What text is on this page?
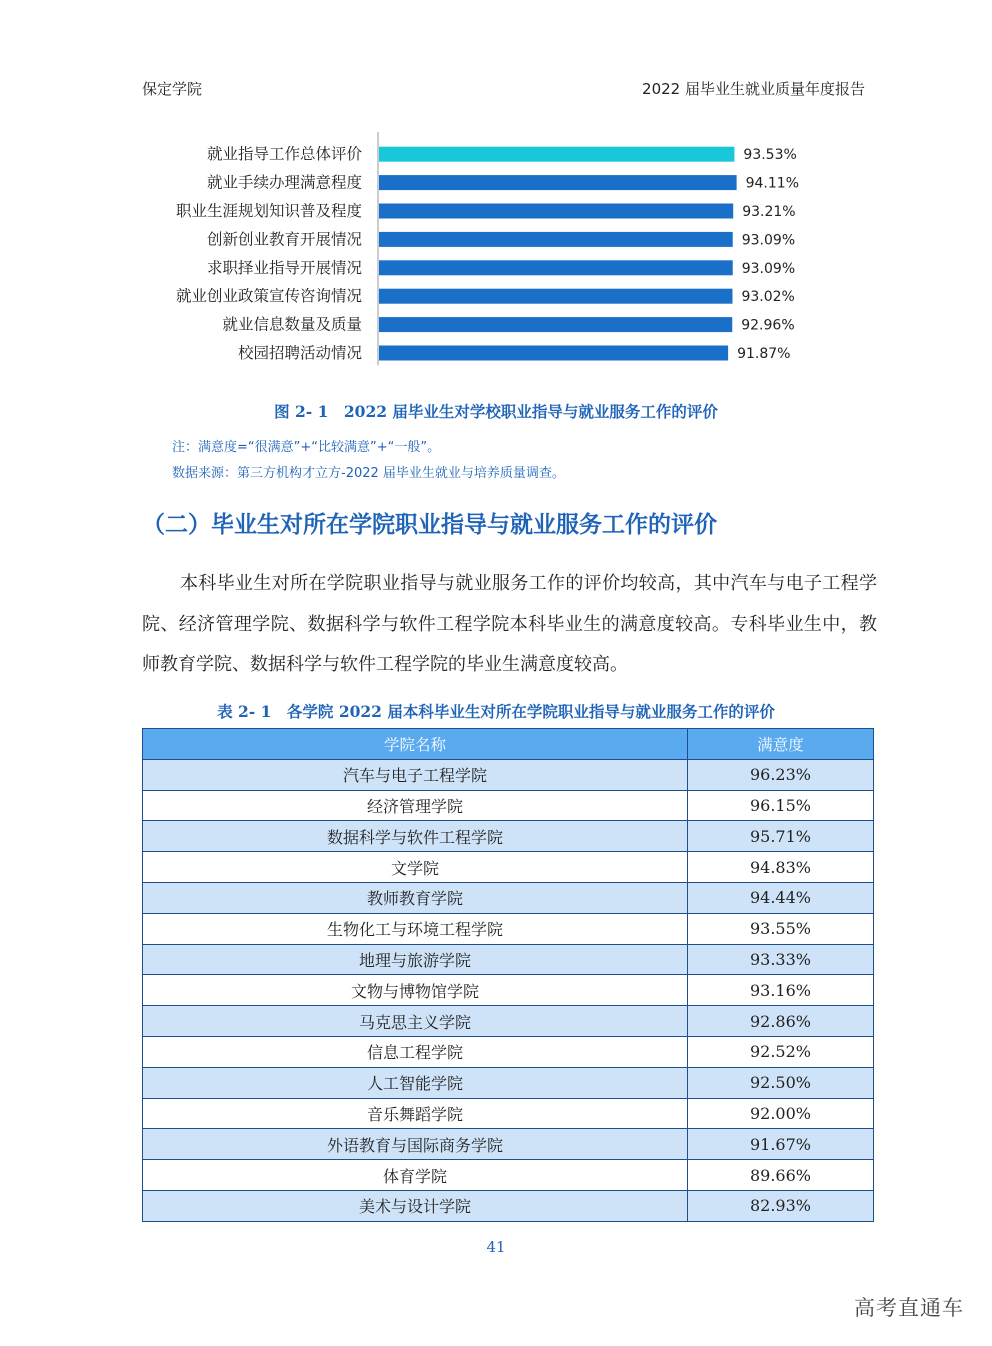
保定学院	2022 届毕业生就业质量年度报告
就业指导工作总体评价	93.53%
就业手续办理满意程度	94.11%
职业生涯规划知识普及程度	93.21%
创新创业教育开展情况	93.09%
求职择业指导开展情况	93.09%
就业创业政策宣传咨询情况	93.02%
就业信息数量及质量	92.96%
校园招聘活动情况	91.87%
图 2- 1　2022 届毕业生对学校职业指导与就业服务工作的评价
注：满意度=“很满意”+“比较满意”+“一般”。
数据来源：第三方机构才立方-2022 届毕业生就业与培养质量调查。
（二）毕业生对所在学院职业指导与就业服务工作的评价

本科毕业生对所在学院职业指导与就业服务工作的评价均较高，其中汽车与电子工程学院、经济管理学院、数据科学与软件工程学院本科毕业生的满意度较高。专科毕业生中，教师教育学院、数据科学与软件工程学院的毕业生满意度较高。

表 2- 1　各学院 2022 届本科毕业生对所在学院职业指导与就业服务工作的评价
学院名称	满意度
汽车与电子工程学院	96.23%
经济管理学院	96.15%
数据科学与软件工程学院	95.71%
文学院	94.83%
教师教育学院	94.44%
生物化工与环境工程学院	93.55%
地理与旅游学院	93.33%
文物与博物馆学院	93.16%
马克思主义学院	92.86%
信息工程学院	92.52%
人工智能学院	92.50%
音乐舞蹈学院	92.00%
外语教育与国际商务学院	91.67%
体育学院	89.66%
美术与设计学院	82.93%
41
高考直通车
